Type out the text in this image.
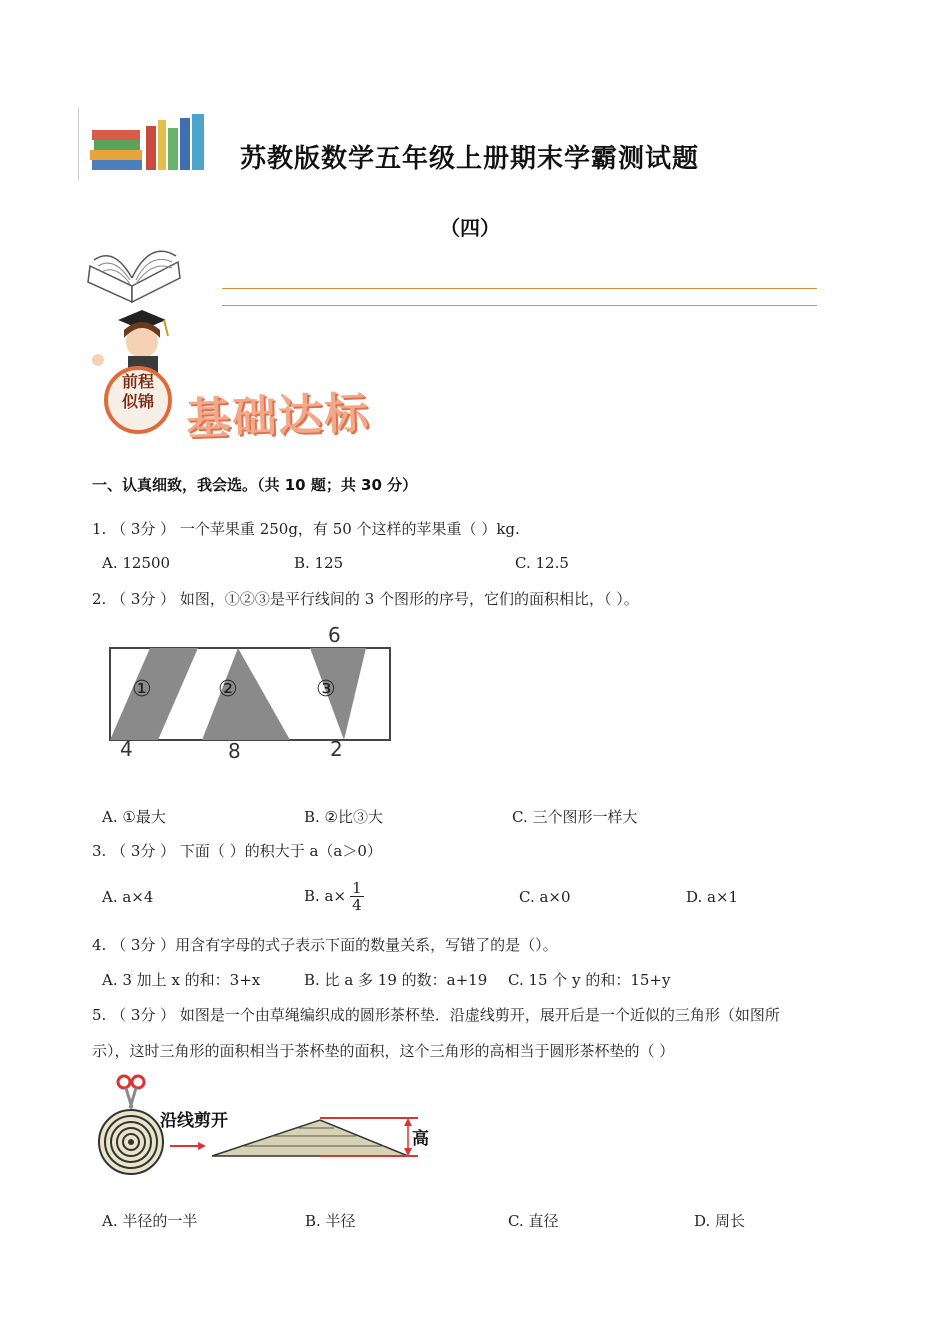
苏教版数学五年级上册期末学霸测试题
（四）
前程
似锦 基础达标
一、认真细致，我会选。（共 10 题；共 30 分）
1. （ 3分 ） 一个苹果重 250g，有 50 个这样的苹果重（ ）kg.
A. 12500	B. 125	C. 12.5
2. （ 3分 ） 如图，①②③是平行线间的 3 个图形的序号，它们的面积相比，（ ）。
6
4	8	2
①	②	③
A. ①最大	B. ②比③大	C. 三个图形一样大
3. （ 3分 ） 下面（ ）的积大于 a（a＞0）
A. a×4	B. $a\times \frac{1}{4}$	C. a×0	D. a×1
4. （ 3分 ）用含有字母的式子表示下面的数量关系，写错了的是（）。
A. 3 加上 x 的和：3+x	B. 比 a 多 19 的数：a+19 C. 15 个 y 的和：15+y
5. （ 3分 ） 如图是一个由草绳编织成的圆形茶杯垫．沿虚线剪开，展开后是一个近似的三角形（如图所
示），这时三角形的面积相当于茶杯垫的面积，这个三角形的高相当于圆形茶杯垫的（ ）
沿线剪开
高
A. 半径的一半	B. 半径	C. 直径	D. 周长
